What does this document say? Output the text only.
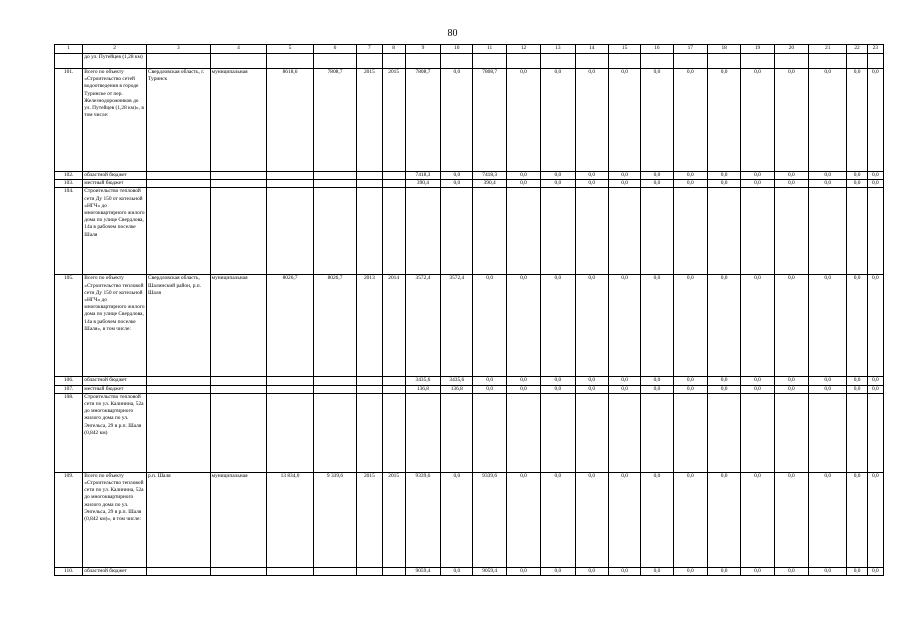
80
1	2	3	4	5	6	7	8	9	10	11	12	13	14	15	16	17	18	19	20	21	22	23
	до ул. Путейцев (1,28 км)																					
101.	Всего по объекту «Строительство сетей водоотведения в городе Туринске от пер. Железнодорожников до ул. Путейцев (1,28 км)», в том числе:	Свердловская область, г. Туринск	муниципальная	8618,6	7808,7	2015	2015	7808,7	0,0	7808,7	0,0	0,0	0,0	0,0	0,0	0,0	0,0	0,0	0,0	0,0	0,0	0,0
102.	областной бюджет							7418,3	0,0	7418,3	0,0	0,0	0,0	0,0	0,0	0,0	0,0	0,0	0,0	0,0	0,0	0,0
103.	местный бюджет							390,4	0,0	390,4	0,0	0,0	0,0	0,0	0,0	0,0	0,0	0,0	0,0	0,0	0,0	0,0
104.	Строительство тепловой сети Ду 150 от котельной «НГЧ» до многоквартирного жилого дома по улице Свердлова, 14а в рабочем поселке Шаля																					
105.	Всего по объекту «Строительство тепловой сети Ду 150 от котельной «НГЧ» до многоквартирного жилого дома по улице Свердлова, 14а в рабочем поселке Шаля», в том числе:	Свердловская область, Шалинский район, р.п. Шаля	муниципальная	8026,7	8026,7	2013	2014	3572,4	3572,4	0,0	0,0	0,0	0,0	0,0	0,0	0,0	0,0	0,0	0,0	0,0	0,0	0,0
106.	областной бюджет							3435,6	3435,6	0,0	0,0	0,0	0,0	0,0	0,0	0,0	0,0	0,0	0,0	0,0	0,0	0,0
107.	местный бюджет							136,8	136,8	0,0	0,0	0,0	0,0	0,0	0,0	0,0	0,0	0,0	0,0	0,0	0,0	0,0
108.	Строительство тепловой сети по ул. Калинина, 52а до многоквартирного жилого дома по ул. Энгельса, 29 в р.п. Шаля (0,842 км)																					
109.	Всего по объекту «Строительство тепловой сети по ул. Калинина, 52а до многоквартирного жилого дома по ул. Энгельса, 29 в р.п. Шаля (0,842 км)», в том числе:	р.п. Шаля	муниципальная	13 834,0	9 339,6	2015	2015	9339,6	0,0	9339,6	0,0	0,0	0,0	0,0	0,0	0,0	0,0	0,0	0,0	0,0	0,0	0,0
110.	областной бюджет							9059,4	0,0	9059,4	0,0	0,0	0,0	0,0	0,0	0,0	0,0	0,0	0,0	0,0	0,0	0,0
